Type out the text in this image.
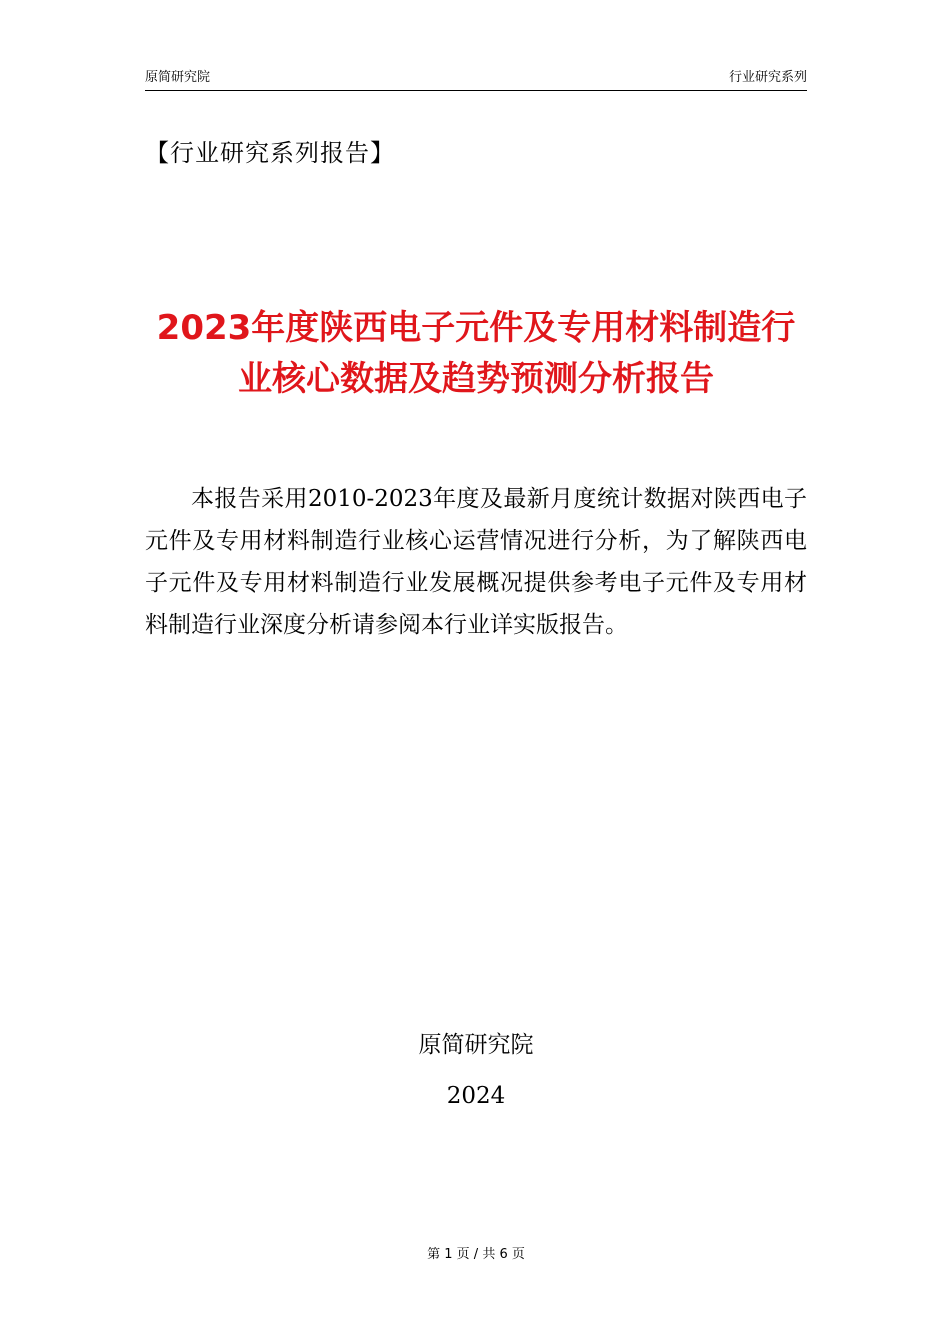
原简研究院	行业研究系列
【行业研究系列报告】
2023年度陕西电子元件及专用材料制造行业核心数据及趋势预测分析报告

本报告采用2010-2023年度及最新月度统计数据对陕西电子元件及专用材料制造行业核心运营情况进行分析，为了解陕西电子元件及专用材料制造行业发展概况提供参考电子元件及专用材料制造行业深度分析请参阅本行业详实版报告。

原简研究院
2024
第 1 页 / 共 6 页
